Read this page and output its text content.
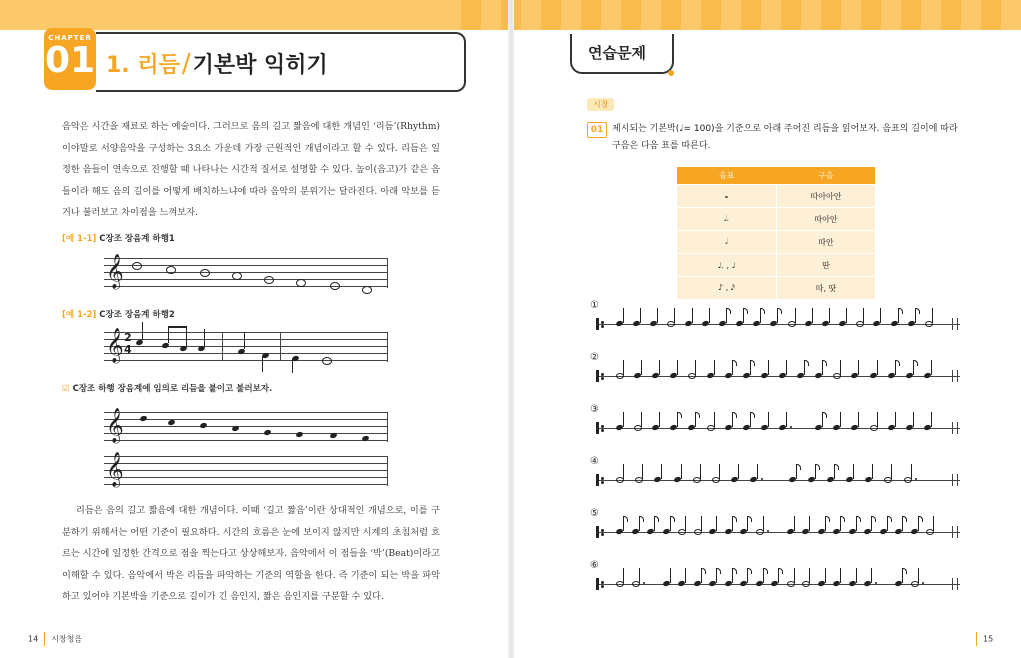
CHAPTER
01 1. 리듬/기본박 익히기
음악은 시간을 재료로 하는 예술이다. 그러므로 음의 길고 짧음에 대한 개념인 ‘리듬’(Rhythm)이야말로 서양음악을 구성하는 3요소 가운데 가장 근원적인 개념이라고 할 수 있다. 리듬은 일정한 음들이 연속으로 진행할 때 나타나는 시간적 질서로 설명할 수 있다. 높이(음고)가 같은 음들이라 해도 음의 길이를 어떻게 배치하느냐에 따라 음악의 분위기는 달라진다. 아래 악보를 듣거나 불러보고 차이점을 느껴보자.
[예 1-1] C장조 장음계 하행1
𝄞
[예 1-2] C장조 장음계 하행2
𝄞 2
4
☑ C장조 하행 장음계에 임의로 리듬을 붙이고 불러보자.
𝄞
𝄞
리듬은 음의 길고 짧음에 대한 개념이다. 이때 ‘길고 짧음’이란 상대적인 개념으로, 이를 구분하기 위해서는 어떤 기준이 필요하다. 시간의 흐름은 눈에 보이지 않지만 시계의 초침처럼 흐르는 시간에 일정한 간격으로 점을 찍는다고 상상해보자. 음악에서 이 점들을 ‘박’(Beat)이라고 이해할 수 있다. 음악에서 박은 리듬을 파악하는 기준의 역할을 한다. 즉 기준이 되는 박을 파악하고 있어야 기본박을 기준으로 길이가 긴 음인지, 짧은 음인지를 구분할 수 있다.
14 시창청음
연습문제
시창
01 제시되는 기본박(♩= 100)을 기준으로 아래 주어진 리듬을 읽어보자. 음표의 길이에 따라 구음은 다음 표를 따른다.
음표	구음
𝅝	따아아안
𝅗𝅥.	따아안
𝅗𝅥	따안
♩. , ♩	딴
♪ , 𝅘𝅥𝅯	따, 땃
①
②
③
④
⑤
⑥
15
